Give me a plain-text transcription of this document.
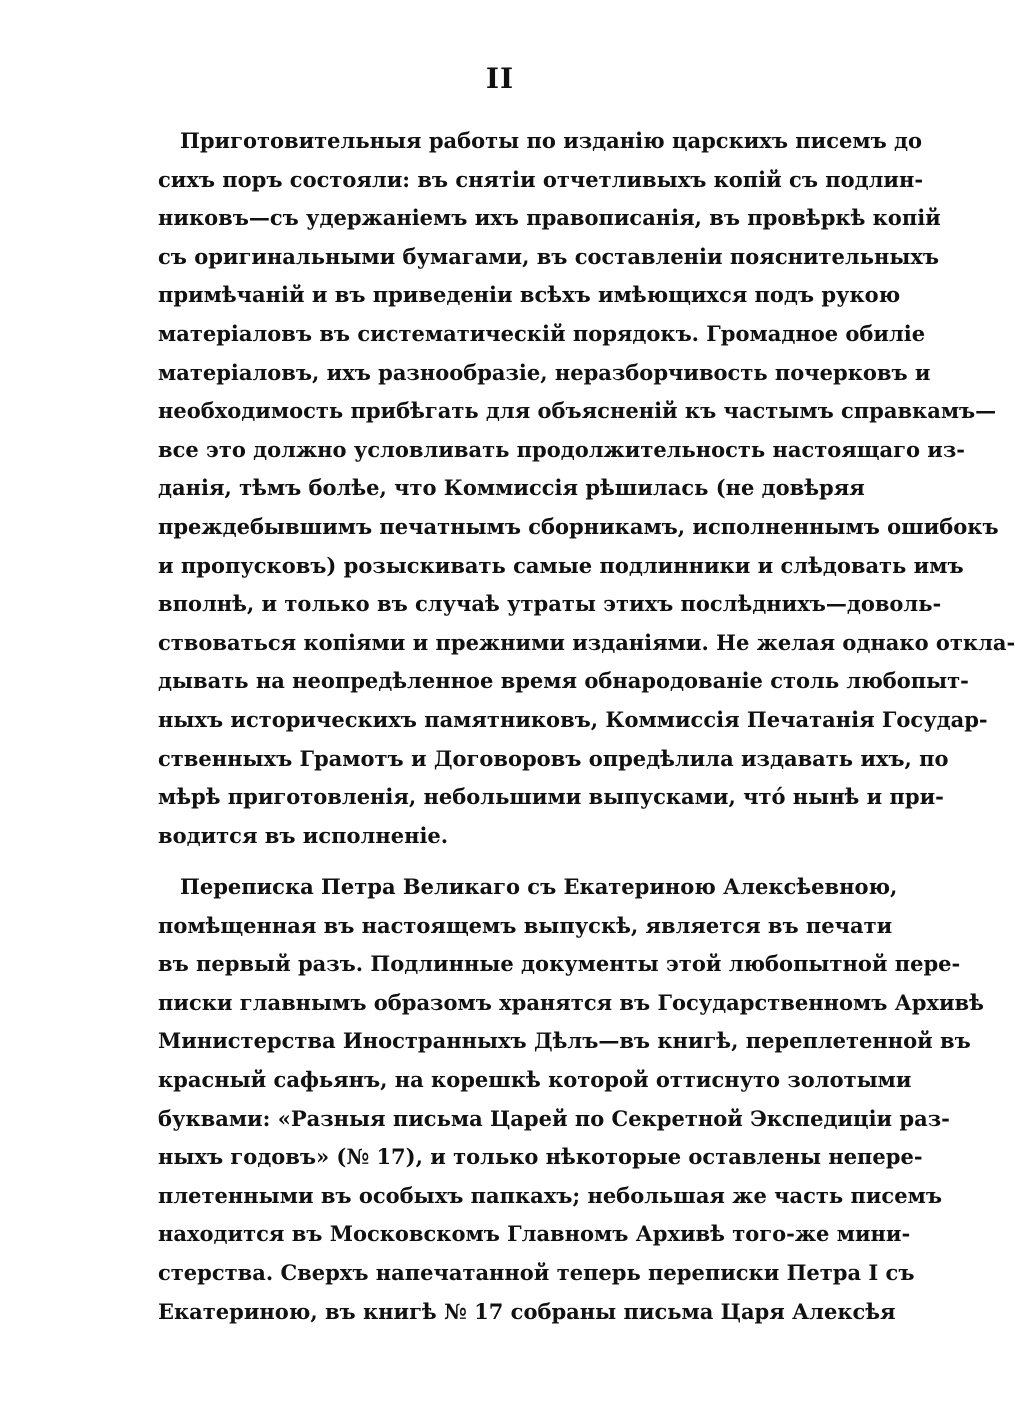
II
Приготовительныя работы по изданію царскихъ писемъ до
сихъ поръ состояли: въ снятіи отчетливыхъ копій съ подлин-
никовъ—съ удержаніемъ ихъ правописанія, въ провѣркѣ копій
съ оригинальными бумагами, въ составленіи пояснительныхъ
примѣчаній и въ приведеніи всѣхъ имѣющихся подъ рукою
матеріаловъ въ систематическій порядокъ. Громадное обиліе
матеріаловъ, ихъ разнообразіе, неразборчивость почерковъ и
необходимость прибѣгать для объясненій къ частымъ справкамъ—
все это должно условливать продолжительность настоящаго из-
данія, тѣмъ болѣе, что Коммиссія рѣшилась (не довѣряя
преждебывшимъ печатнымъ сборникамъ, исполненнымъ ошибокъ
и пропусковъ) розыскивать самые подлинники и слѣдовать имъ
вполнѣ, и только въ случаѣ утраты этихъ послѣднихъ—доволь-
ствоваться копіями и прежними изданіями. Не желая однако откла-
дывать на неопредѣленное время обнародованіе столь любопыт-
ныхъ историческихъ памятниковъ, Коммиссія Печатанія Государ-
ственныхъ Грамотъ и Договоровъ опредѣлила издавать ихъ, по
мѣрѣ приготовленія, небольшими выпусками, чтó нынѣ и при-
водится въ исполненіе.
Переписка Петра Великаго съ Екатериною Алексѣевною,
помѣщенная въ настоящемъ выпускѣ, является въ печати
въ первый разъ. Подлинные документы этой любопытной пере-
писки главнымъ образомъ хранятся въ Государственномъ Архивѣ
Министерства Иностранныхъ Дѣлъ—въ книгѣ, переплетенной въ
красный сафьянъ, на корешкѣ которой оттиснуто золотыми
буквами: «Разныя письма Царей по Секретной Экспедиціи раз-
ныхъ годовъ» (№ 17), и только нѣкоторые оставлены непере-
плетенными въ особыхъ папкахъ; небольшая же часть писемъ
находится въ Московскомъ Главномъ Архивѣ того-же мини-
стерства. Сверхъ напечатанной теперь переписки Петра I съ
Екатериною, въ книгѣ № 17 собраны письма Царя Алексѣя
